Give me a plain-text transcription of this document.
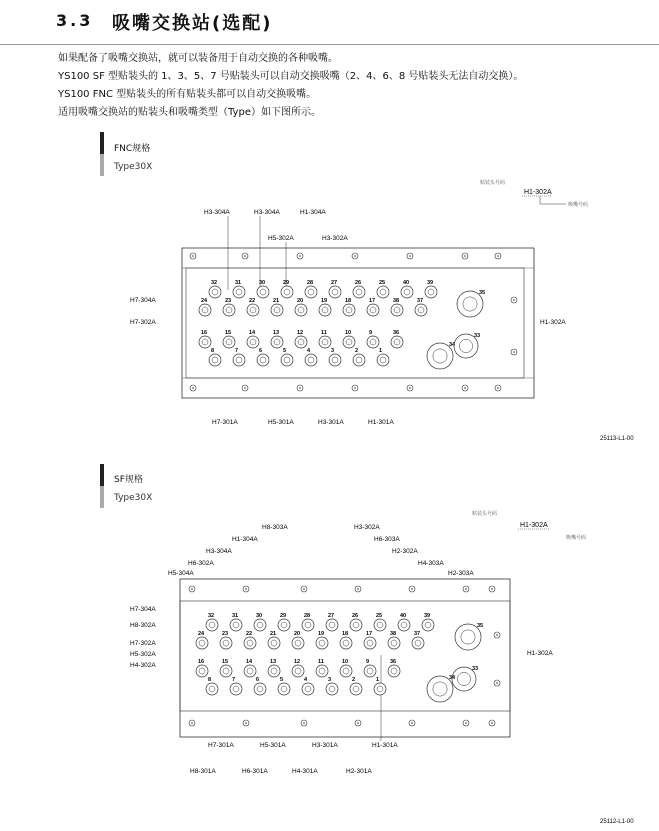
3.3 吸嘴交换站(选配)
如果配备了吸嘴交换站，就可以装备用于自动交换的各种吸嘴。
YS100 SF 型贴装头的 1、3、5、7 号贴装头可以自动交换吸嘴（2、4、6、8 号贴装头无法自动交换）。
YS100 FNC 型贴装头的所有贴装头都可以自动交换吸嘴。
适用吸嘴交换站的贴装头和吸嘴类型（Type）如下图所示。
FNC规格
Type30X
SF规格
Type30X
贴装头号码
H1-302A
吸嘴号码
H3-304A	H3-304A	H1-304A
H5-302A	H3-302A
H7-304A
H7-302A	H1-302A
H7-301A	H5-301A	H3-301A	H1-301A
32	31	30	29	28	27	26	25	40	39
24	23	22	21	20	19	18	17	38	37
16	15	14	13	12	11	10	9	36
8	7	6	5	4	3	2	1
35
34
33
25113-L1-00
贴装头号码
H1-302A
吸嘴号码
H8-303A	H3-302A
H1-304A	H6-303A
H3-304A	H2-302A
H6-302A	H4-303A
H5-304A	H2-303A
H7-304A
H8-302A
H7-302A
H5-302A
H4-302A
H1-302A
H7-301A	H5-301A	H3-301A	H1-301A
H8-301A	H6-301A	H4-301A	H2-301A
32	31	30	29	28	27	26	25	40	39
24	23	22	21	20	19	18	17	38	37
16	15	14	13	12	11	10	9	36
8	7	6	5	4	3	2	1
35
34
33
25112-L1-00
